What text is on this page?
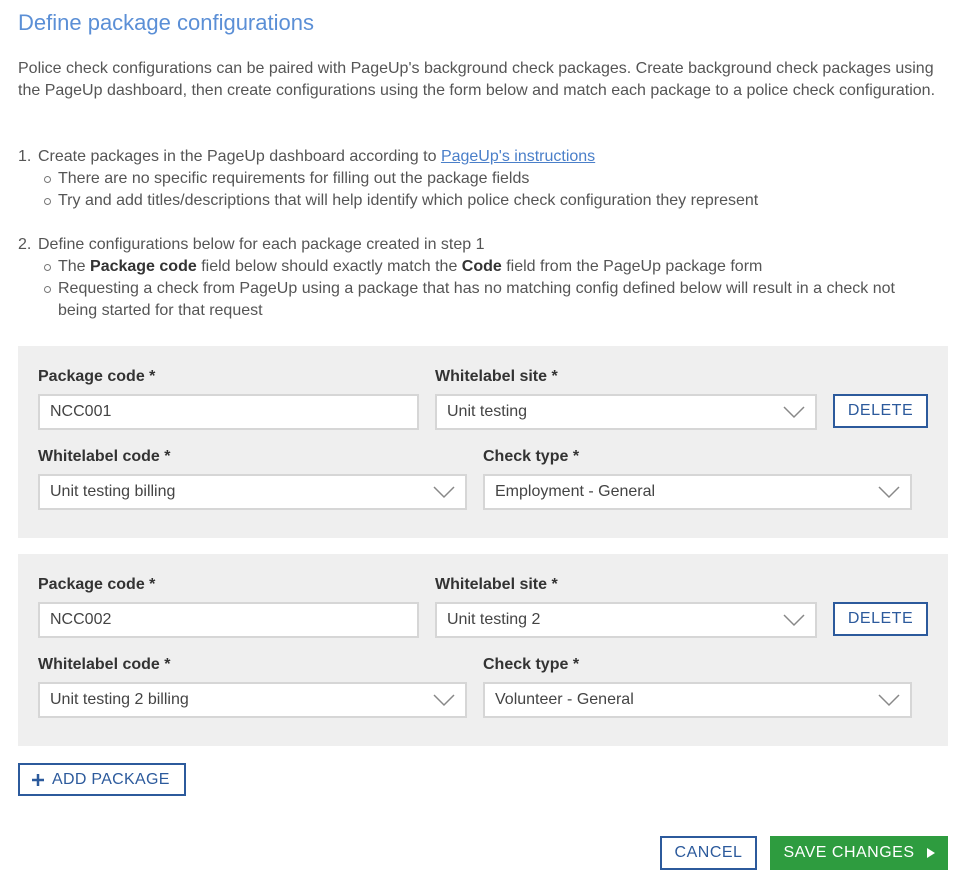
Define package configurations

Police check configurations can be paired with PageUp's background check packages. Create background check packages using the PageUp dashboard, then create configurations using the form below and match each package to a police check configuration.

1. Create packages in the PageUp dashboard according to PageUp's instructions
There are no specific requirements for filling out the package fields
Try and add titles/descriptions that will help identify which police check configuration they represent
2. Define configurations below for each package created in step 1
The Package code field below should exactly match the Code field from the PageUp package form
Requesting a check from PageUp using a package that has no matching config defined below will result in a check not being started for that request
Package code *
NCC001
Whitelabel site *
Unit testing	DELETE
Whitelabel code *
Unit testing billing
Check type *
Employment - General
Package code *
NCC002
Whitelabel site *
Unit testing 2	DELETE
Whitelabel code *
Unit testing 2 billing
Check type *
Volunteer - General
ADD PACKAGE
CANCEL	SAVE CHANGES
